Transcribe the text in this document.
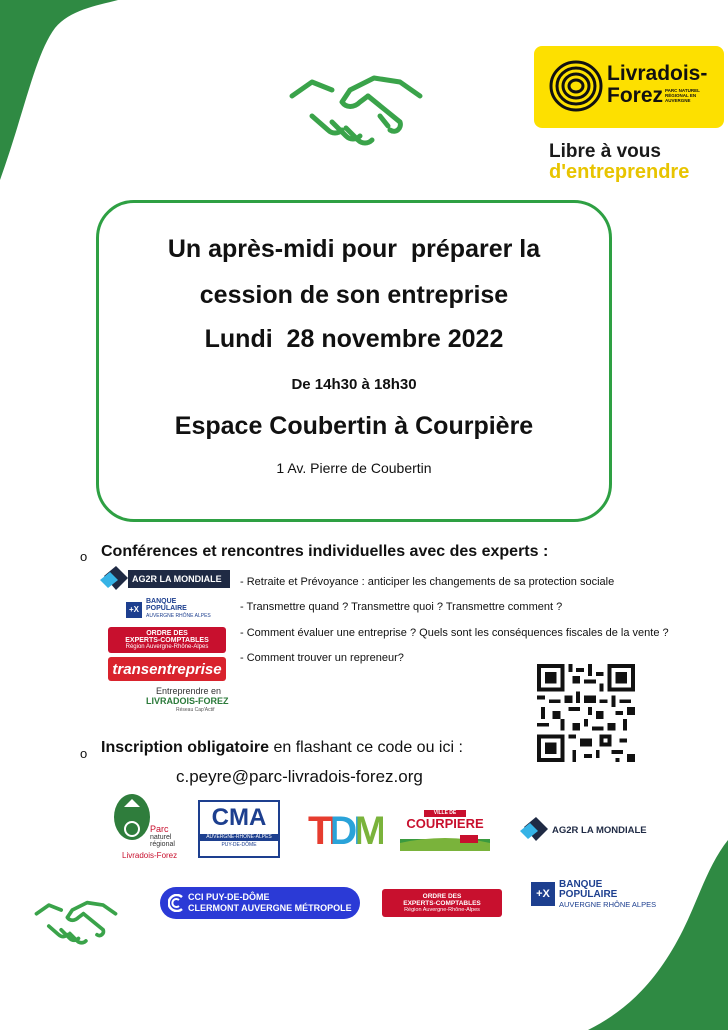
Livradois-Forez PARC NATUREL RÉGIONAL EN AUVERGNE
Libre à vous
d'entreprendre
Un après-midi pour  préparer la
cession de son entreprise
Lundi  28 novembre 2022
De 14h30 à 18h30
Espace Coubertin à Courpière
1 Av. Pierre de Coubertin
o Conférences et rencontres individuelles avec des experts :
- Retraite et Prévoyance : anticiper les changements de sa protection sociale
- Transmettre quand ? Transmettre quoi ? Transmettre comment ?
- Comment évaluer une entreprise ? Quels sont les conséquences fiscales de la vente ?
- Comment trouver un repreneur?
AG2R LA MONDIALE
+X
BANQUE
POPULAIRE
AUVERGNE RHÔNE ALPES
ORDRE DES
EXPERTS-COMPTABLES
Région Auvergne-Rhône-Alpes
transentreprise
Entreprendre en
LIVRADOIS-FOREZ
Réseau Cap'Actif
o Inscription obligatoire en flashant ce code ou ici :
c.peyre@parc-livradois-forez.org
Parc
naturel
régional
Livradois-Forez
CMA
AUVERGNE-RHÔNE-ALPES
PUY-DE-DÔME	TDM	VILLE DE
COURPIERE	AG2R LA MONDIALE
CCI PUY-DE-DÔME
CLERMONT AUVERGNE MÉTROPOLE
ORDRE DES
EXPERTS-COMPTABLES
Région Auvergne-Rhône-Alpes
+X
BANQUE
POPULAIRE
AUVERGNE RHÔNE ALPES
